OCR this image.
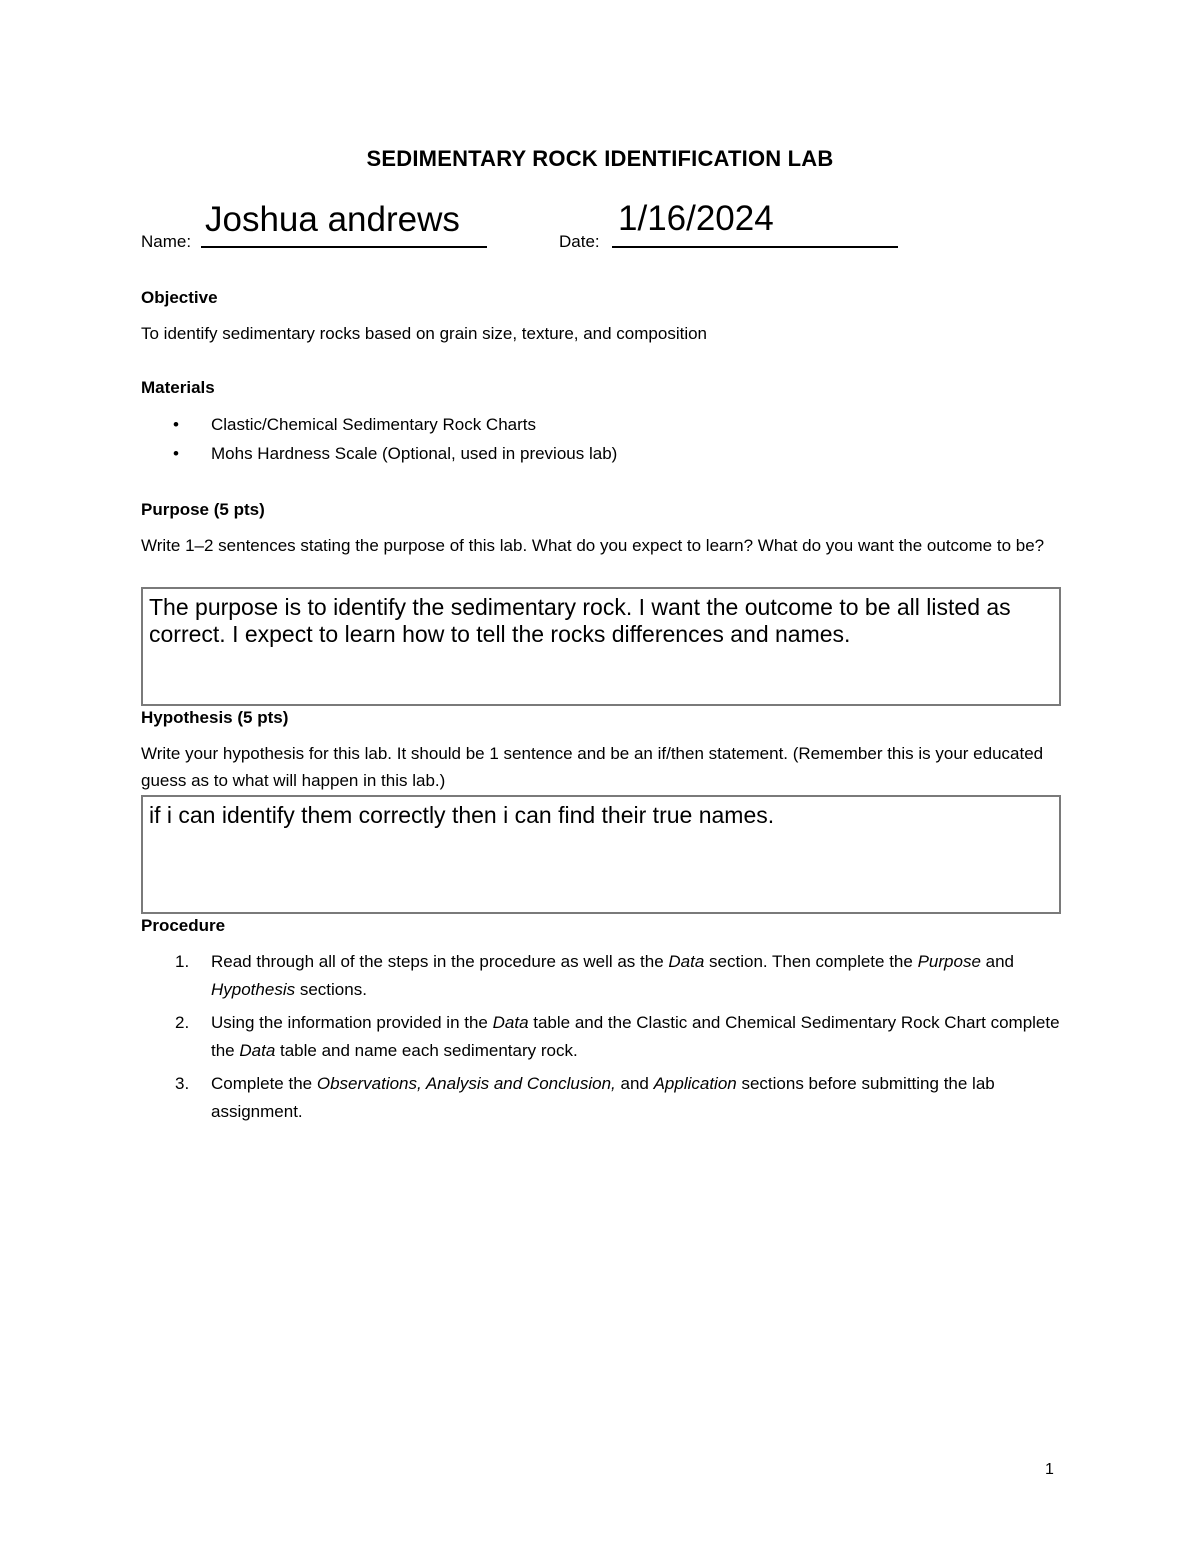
SEDIMENTARY ROCK IDENTIFICATION LAB
Name:
Joshua andrews
Date:
1/16/2024
Objective
To identify sedimentary rocks based on grain size, texture, and composition
Materials
• Clastic/Chemical Sedimentary Rock Charts
• Mohs Hardness Scale (Optional, used in previous lab)
Purpose (5 pts)
Write 1–2 sentences stating the purpose of this lab. What do you expect to learn? What do you want the outcome to be?
The purpose is to identify the sedimentary rock. I want the outcome to be all listed as correct. I expect to learn how to tell the rocks differences and names.
Hypothesis (5 pts)
Write your hypothesis for this lab. It should be 1 sentence and be an if/then statement. (Remember this is your educated guess as to what will happen in this lab.)
if i can identify them correctly then i can find their true names.
Procedure
1. Read through all of the steps in the procedure as well as the Data section. Then complete the Purpose and Hypothesis sections.
2. Using the information provided in the Data table and the Clastic and Chemical Sedimentary Rock Chart complete the Data table and name each sedimentary rock.
3. Complete the Observations, Analysis and Conclusion, and Application sections before submitting the lab assignment.
1
